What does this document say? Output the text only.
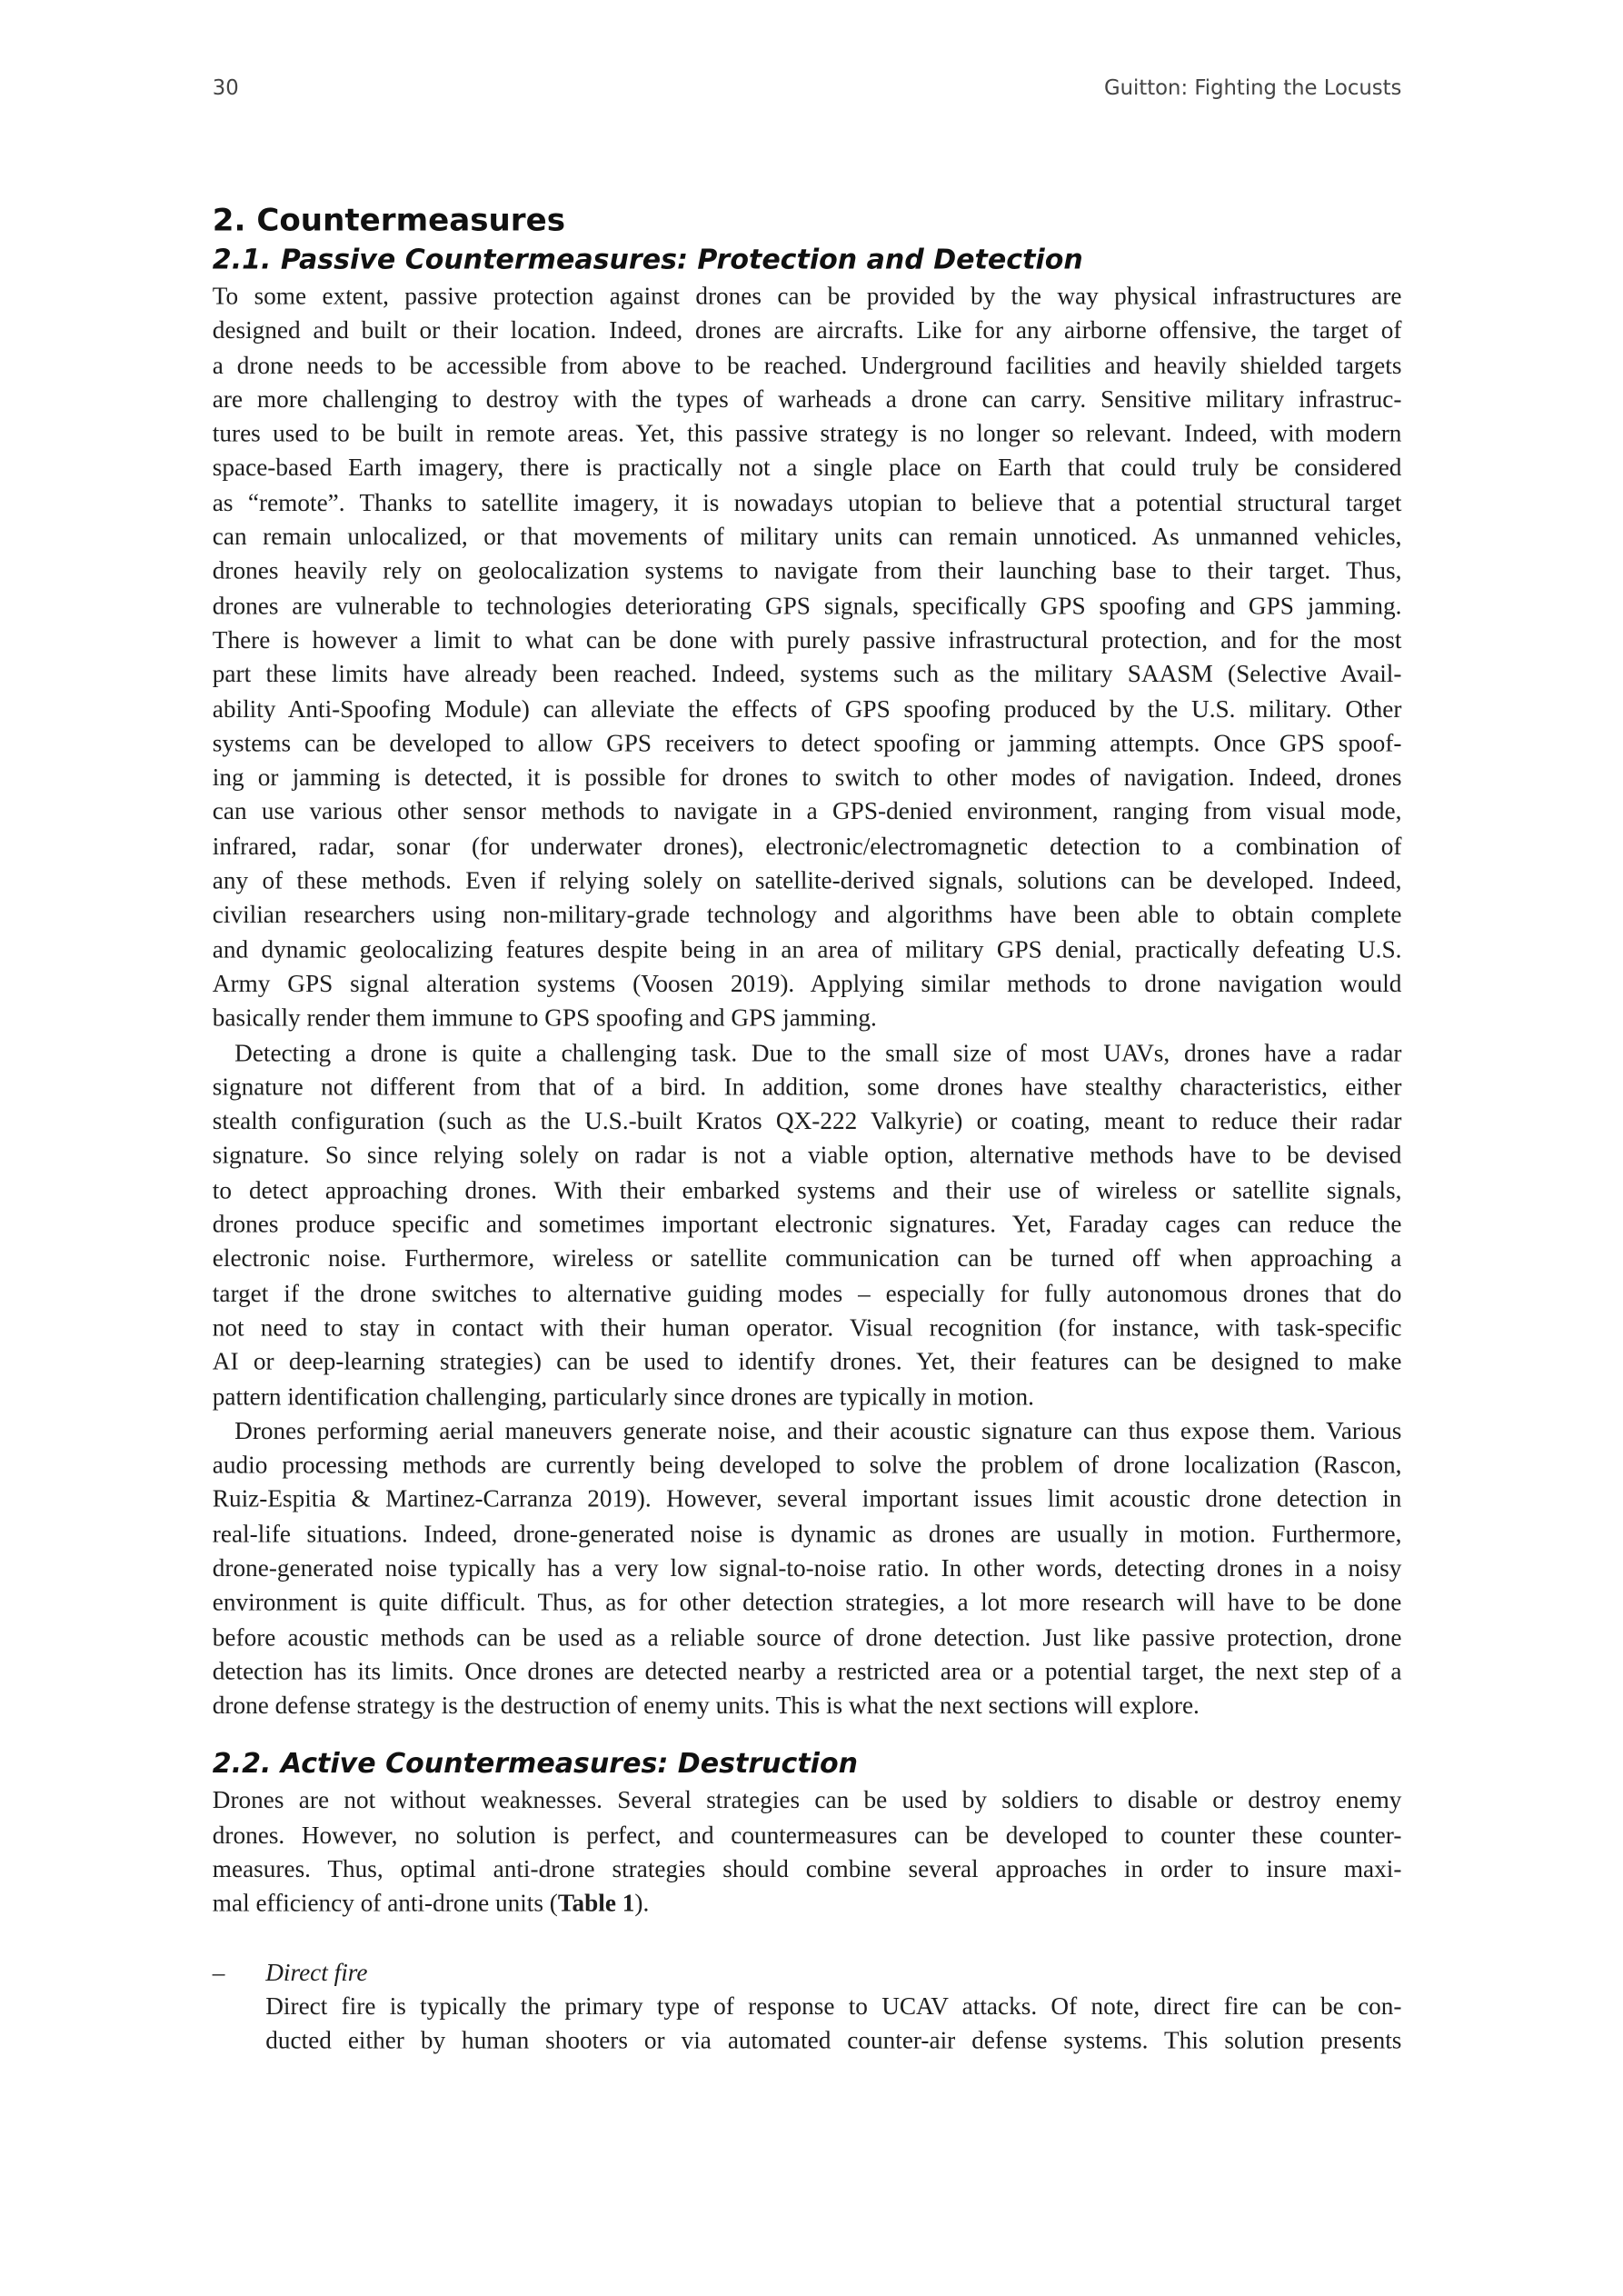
30	Guitton: Fighting the Locusts
2. Countermeasures
2.1. Passive Countermeasures: Protection and Detection

To some extent, passive protection against drones can be provided by the way physical infrastructures are
designed and built or their location. Indeed, drones are aircrafts. Like for any airborne offensive, the target of
a drone needs to be accessible from above to be reached. Underground facilities and heavily shielded targets
are more challenging to destroy with the types of warheads a drone can carry. Sensitive military infrastruc-
tures used to be built in remote areas. Yet, this passive strategy is no longer so relevant. Indeed, with modern
space-based Earth imagery, there is practically not a single place on Earth that could truly be considered
as “remote”. Thanks to satellite imagery, it is nowadays utopian to believe that a potential structural target
can remain unlocalized, or that movements of military units can remain unnoticed. As unmanned vehicles,
drones heavily rely on geolocalization systems to navigate from their launching base to their target. Thus,
drones are vulnerable to technologies deteriorating GPS signals, specifically GPS spoofing and GPS jamming.
There is however a limit to what can be done with purely passive infrastructural protection, and for the most
part these limits have already been reached. Indeed, systems such as the military SAASM (Selective Avail-
ability Anti-Spoofing Module) can alleviate the effects of GPS spoofing produced by the U.S. military. Other
systems can be developed to allow GPS receivers to detect spoofing or jamming attempts. Once GPS spoof-
ing or jamming is detected, it is possible for drones to switch to other modes of navigation. Indeed, drones
can use various other sensor methods to navigate in a GPS-denied environment, ranging from visual mode,
infrared, radar, sonar (for underwater drones), electronic/electromagnetic detection to a combination of
any of these methods. Even if relying solely on satellite-derived signals, solutions can be developed. Indeed,
civilian researchers using non-military-grade technology and algorithms have been able to obtain complete
and dynamic geolocalizing features despite being in an area of military GPS denial, practically defeating U.S.
Army GPS signal alteration systems (Voosen 2019). Applying similar methods to drone navigation would
basically render them immune to GPS spoofing and GPS jamming.

Detecting a drone is quite a challenging task. Due to the small size of most UAVs, drones have a radar
signature not different from that of a bird. In addition, some drones have stealthy characteristics, either
stealth configuration (such as the U.S.-built Kratos QX-222 Valkyrie) or coating, meant to reduce their radar
signature. So since relying solely on radar is not a viable option, alternative methods have to be devised
to detect approaching drones. With their embarked systems and their use of wireless or satellite signals,
drones produce specific and sometimes important electronic signatures. Yet, Faraday cages can reduce the
electronic noise. Furthermore, wireless or satellite communication can be turned off when approaching a
target if the drone switches to alternative guiding modes – especially for fully autonomous drones that do
not need to stay in contact with their human operator. Visual recognition (for instance, with task-specific
AI or deep-learning strategies) can be used to identify drones. Yet, their features can be designed to make
pattern identification challenging, particularly since drones are typically in motion.

Drones performing aerial maneuvers generate noise, and their acoustic signature can thus expose them. Various
audio processing methods are currently being developed to solve the problem of drone localization (Rascon,
Ruiz-Espitia & Martinez-Carranza 2019). However, several important issues limit acoustic drone detection in
real-life situations. Indeed, drone-generated noise is dynamic as drones are usually in motion. Furthermore,
drone-generated noise typically has a very low signal-to-noise ratio. In other words, detecting drones in a noisy
environment is quite difficult. Thus, as for other detection strategies, a lot more research will have to be done
before acoustic methods can be used as a reliable source of drone detection. Just like passive protection, drone
detection has its limits. Once drones are detected nearby a restricted area or a potential target, the next step of a
drone defense strategy is the destruction of enemy units. This is what the next sections will explore.

2.2. Active Countermeasures: Destruction

Drones are not without weaknesses. Several strategies can be used by soldiers to disable or destroy enemy
drones. However, no solution is perfect, and countermeasures can be developed to counter these counter-
measures. Thus, optimal anti-drone strategies should combine several approaches in order to insure maxi-
mal efficiency of anti-drone units (Table 1).

–	Direct fire
Direct fire is typically the primary type of response to UCAV attacks. Of note, direct fire can be con-
ducted either by human shooters or via automated counter-air defense systems. This solution presents
